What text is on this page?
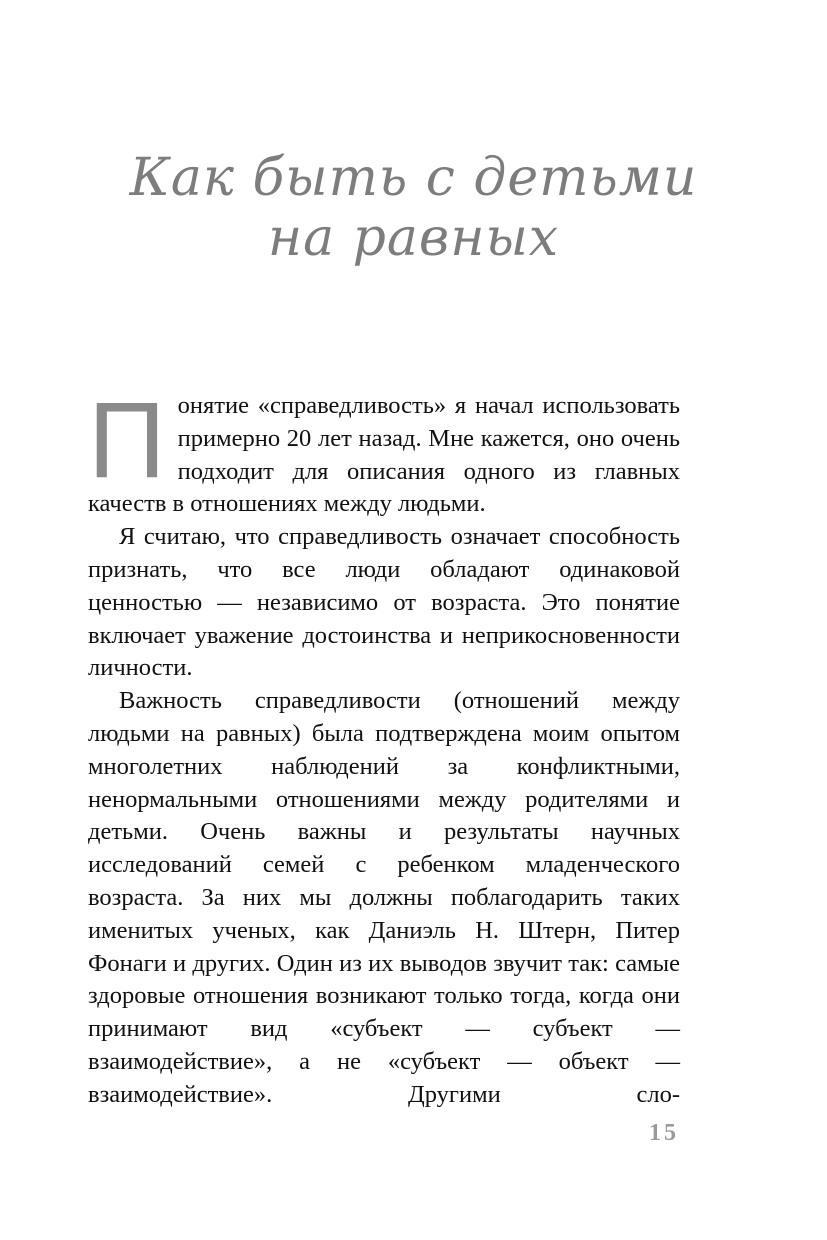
Как быть с детьми
на равных

Понятие «справедливость» я начал использовать примерно 20 лет назад. Мне кажется, оно очень подходит для описания одного из главных качеств в отношениях между людьми.

Я считаю, что справедливость означает способность признать, что все люди обладают одинаковой ценностью — независимо от возраста. Это понятие включает уважение достоинства и неприкосновенности личности.

Важность справедливости (отношений между людьми на равных) была подтверждена моим опытом многолетних наблюдений за конфликтными, ненормальными отношениями между родителями и детьми. Очень важны и результаты научных исследований семей с ребенком младенческого возраста. За них мы должны поблагодарить таких именитых ученых, как Даниэль Н. Штерн, Питер Фонаги и других. Один из их выводов звучит так: самые здоровые отношения возникают только тогда, когда они принимают вид «субъект — субъект — взаимодействие», а не «субъект — объект — взаимодействие». Другими сло-

15
